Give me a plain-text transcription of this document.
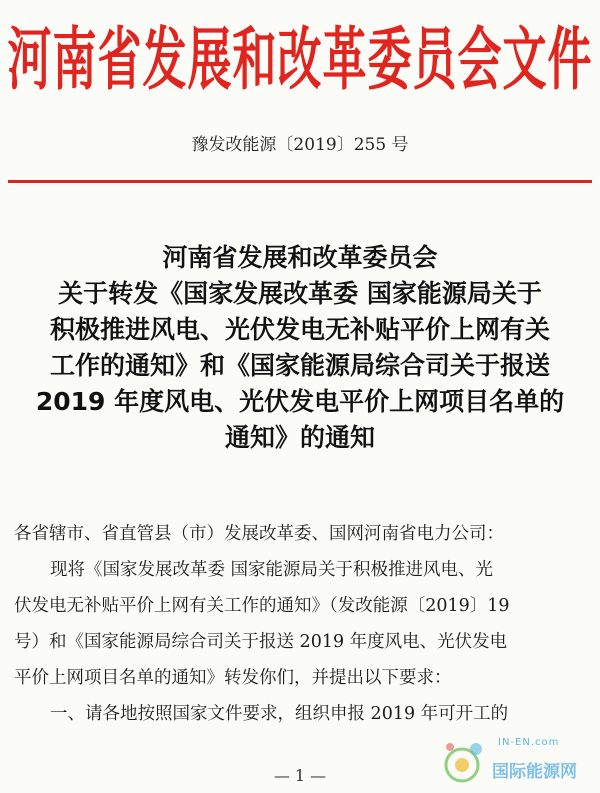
河南省发展和改革委员会文件
豫发改能源〔2019〕255 号
河南省发展和改革委员会
关于转发《国家发展改革委 国家能源局关于
积极推进风电、光伏发电无补贴平价上网有关
工作的通知》和《国家能源局综合司关于报送
2019 年度风电、光伏发电平价上网项目名单的
通知》的通知
各省辖市、省直管县（市）发展改革委、国网河南省电力公司：
现将《国家发展改革委 国家能源局关于积极推进风电、光
伏发电无补贴平价上网有关工作的通知》（发改能源〔2019〕19
号）和《国家能源局综合司关于报送 2019 年度风电、光伏发电
平价上网项目名单的通知》转发你们，并提出以下要求：
一、请各地按照国家文件要求，组织申报 2019 年可开工的
— 1 —
IN-EN.com
国际能源网
